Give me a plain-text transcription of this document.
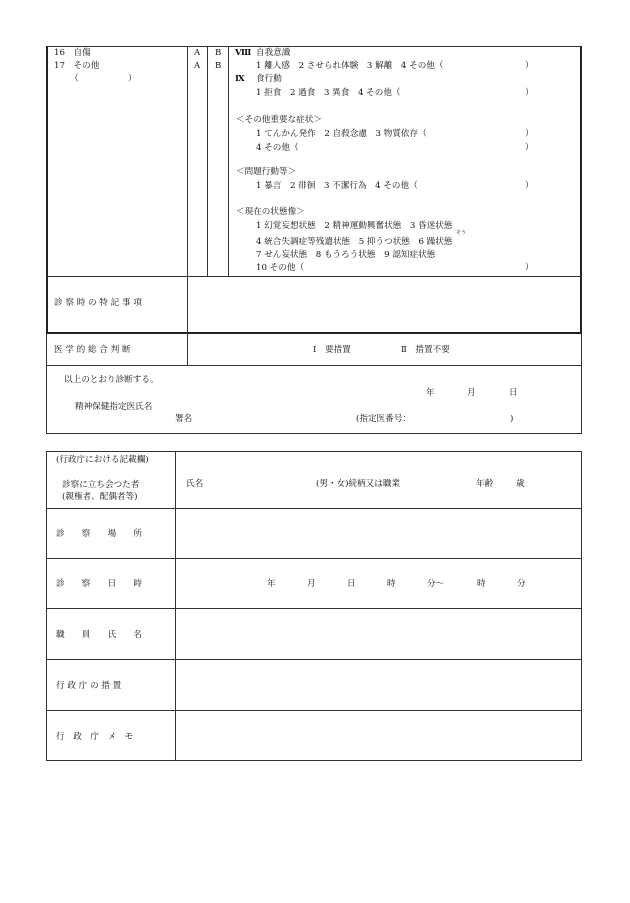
16　自傷
17　その他
（	）
A B
A B
Ⅷ 自我意識
1 離人感　2 させられ体験　3 解離　4 その他（	）
Ⅸ 食行動
1 拒食　2 過食　3 異食　4 その他（	）
＜その他重要な症状＞
1 てんかん発作　2 自殺念慮　3 物質依存（	）
4 その他（	）
＜問題行動等＞
1 暴言　2 徘徊　3 不潔行為　4 その他（	）
＜現在の状態像＞
1 幻覚妄想状態　2 精神運動興奮状態　3 昏迷状態
そう
4 統合失調症等残遺状態　5 抑うつ状態　6 躁状態
7 せん妄状態　8 もうろう状態　9 認知症状態
10 その他（	）
診 察 時 の 特 記 事 項
医 学 的 総 合 判 断	Ⅰ　要措置	Ⅱ　措置不要
以上のとおり診断する。
年	月	日
精神保健指定医氏名
署名	(指定医番号：	)
(行政庁における記載欄)
診察に立ち会つた者
(親権者、配偶者等)
氏名	(男・女)続柄又は職業	年齢	歳
診　　察　　場　　所
診　　察　　日　　時	年	月	日	時	分～	時	分
職　　員　　氏　　名
行 政 庁 の 措 置
行　政　庁　メ　モ
